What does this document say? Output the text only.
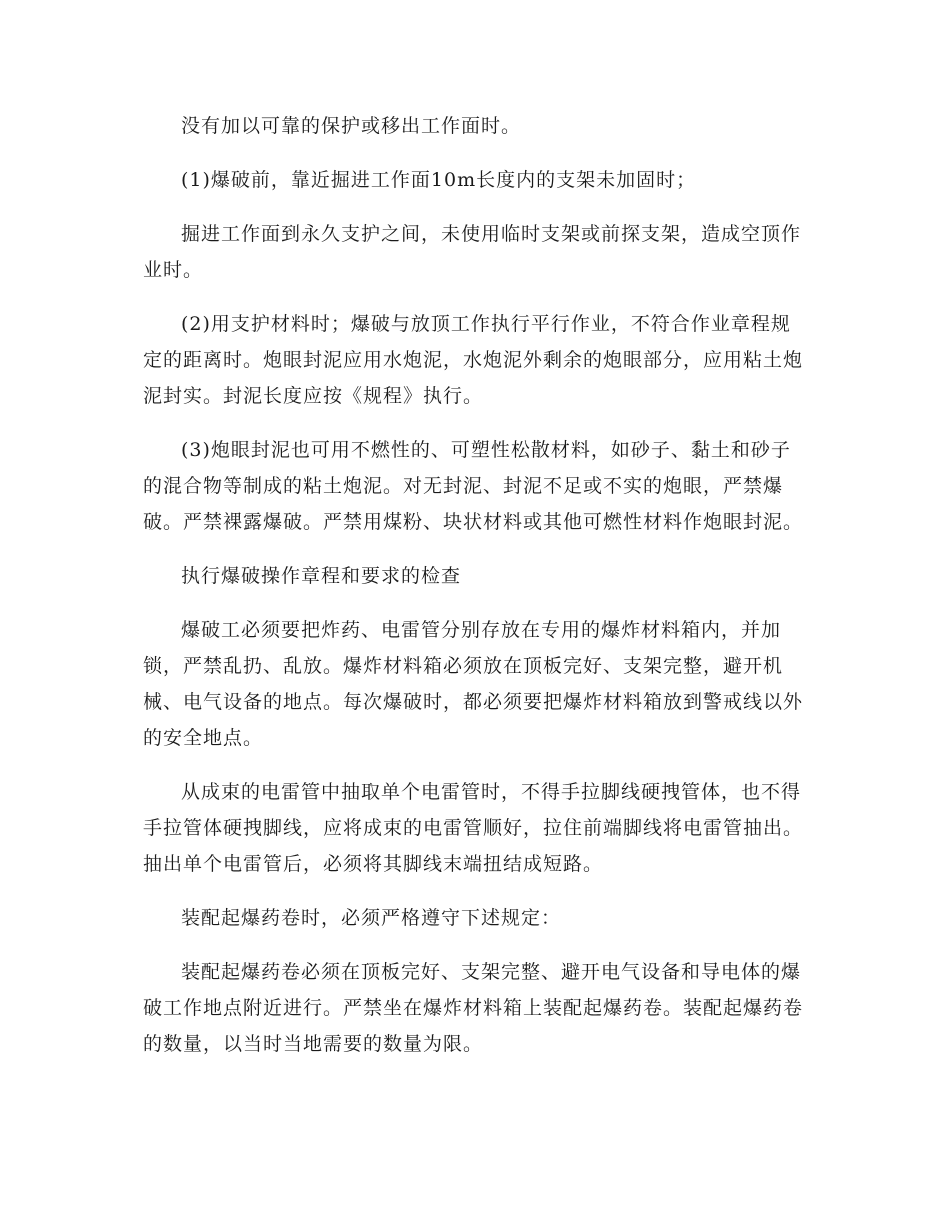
没有加以可靠的保护或移出工作面时。

(1)爆破前，靠近掘进工作面10m长度内的支架未加固时；

掘进工作面到永久支护之间，未使用临时支架或前探支架，造成空顶作业时。

(2)用支护材料时；爆破与放顶工作执行平行作业，不符合作业章程规定的距离时。炮眼封泥应用水炮泥，水炮泥外剩余的炮眼部分，应用粘土炮泥封实。封泥长度应按《规程》执行。

(3)炮眼封泥也可用不燃性的、可塑性松散材料，如砂子、黏土和砂子的混合物等制成的粘土炮泥。对无封泥、封泥不足或不实的炮眼，严禁爆破。严禁裸露爆破。严禁用煤粉、块状材料或其他可燃性材料作炮眼封泥。

执行爆破操作章程和要求的检查

爆破工必须要把炸药、电雷管分别存放在专用的爆炸材料箱内，并加锁，严禁乱扔、乱放。爆炸材料箱必须放在顶板完好、支架完整，避开机械、电气设备的地点。每次爆破时，都必须要把爆炸材料箱放到警戒线以外的安全地点。

从成束的电雷管中抽取单个电雷管时，不得手拉脚线硬拽管体，也不得手拉管体硬拽脚线，应将成束的电雷管顺好，拉住前端脚线将电雷管抽出。抽出单个电雷管后，必须将其脚线末端扭结成短路。

装配起爆药卷时，必须严格遵守下述规定：

装配起爆药卷必须在顶板完好、支架完整、避开电气设备和导电体的爆破工作地点附近进行。严禁坐在爆炸材料箱上装配起爆药卷。装配起爆药卷的数量，以当时当地需要的数量为限。
